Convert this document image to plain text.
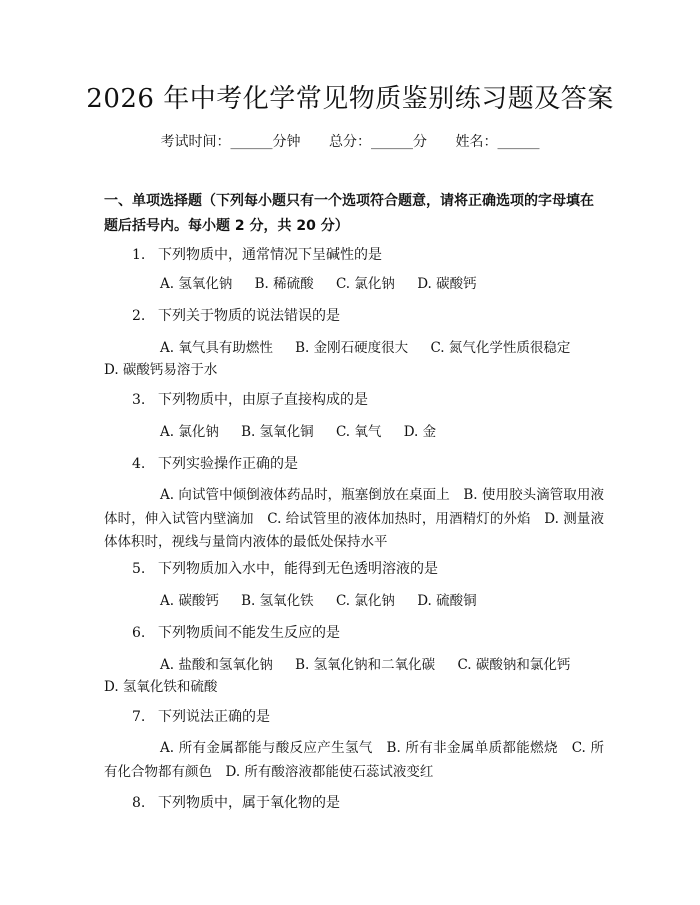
2026 年中考化学常见物质鉴别练习题及答案
考试时间：______分钟 总分：______分 姓名：______
一、单项选择题（下列每小题只有一个选项符合题意，请将正确选项的字母填在题后括号内。每小题 2 分，共 20 分）
1. 下列物质中，通常情况下呈碱性的是
A. 氢氧化钠 B. 稀硫酸 C. 氯化钠 D. 碳酸钙
2. 下列关于物质的说法错误的是
A. 氧气具有助燃性 B. 金刚石硬度很大 C. 氮气化学性质很稳定
D. 碳酸钙易溶于水
3. 下列物质中，由原子直接构成的是
A. 氯化钠 B. 氢氧化铜 C. 氧气 D. 金
4. 下列实验操作正确的是
A. 向试管中倾倒液体药品时，瓶塞倒放在桌面上　B. 使用胶头滴管取用液体时，伸入试管内壁滴加　C. 给试管里的液体加热时，用酒精灯的外焰　D. 测量液体体积时，视线与量筒内液体的最低处保持水平
5. 下列物质加入水中，能得到无色透明溶液的是
A. 碳酸钙 B. 氢氧化铁 C. 氯化钠 D. 硫酸铜
6. 下列物质间不能发生反应的是
A. 盐酸和氢氧化钠 B. 氢氧化钠和二氧化碳 C. 碳酸钠和氯化钙
D. 氢氧化铁和硫酸
7. 下列说法正确的是
A. 所有金属都能与酸反应产生氢气　B. 所有非金属单质都能燃烧　C. 所有化合物都有颜色　D. 所有酸溶液都能使石蕊试液变红
8. 下列物质中，属于氧化物的是
